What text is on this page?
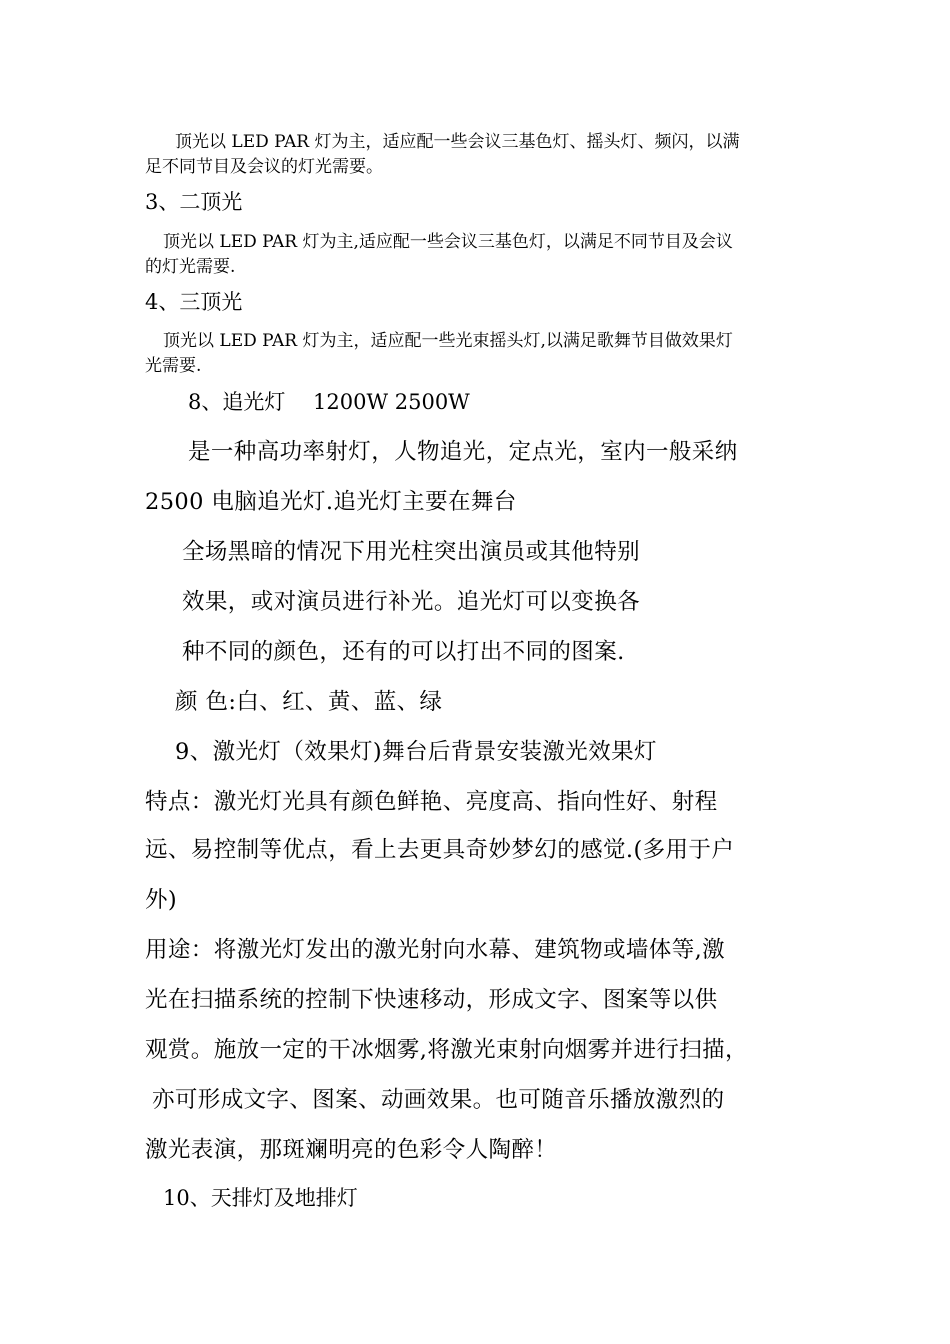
顶光以 LED PAR 灯为主，适应配一些会议三基色灯、摇头灯、频闪，以满
足不同节目及会议的灯光需要。
3、二顶光
顶光以 LED PAR 灯为主,适应配一些会议三基色灯，以满足不同节目及会议
的灯光需要.
4、三顶光
顶光以 LED PAR 灯为主，适应配一些光束摇头灯,以满足歌舞节目做效果灯
光需要.
8、追光灯　 1200W 2500W
是一种高功率射灯，人物追光，定点光，室内一般采纳
2500 电脑追光灯.追光灯主要在舞台
全场黑暗的情况下用光柱突出演员或其他特别
效果，或对演员进行补光。追光灯可以变换各
种不同的颜色，还有的可以打出不同的图案.
颜 色:白、红、黄、蓝、绿
9、激光灯（效果灯)舞台后背景安装激光效果灯
特点：激光灯光具有颜色鲜艳、亮度高、指向性好、射程
远、易控制等优点，看上去更具奇妙梦幻的感觉.(多用于户
外)
用途：将激光灯发出的激光射向水幕、建筑物或墙体等,激
光在扫描系统的控制下快速移动，形成文字、图案等以供
观赏。施放一定的干冰烟雾,将激光束射向烟雾并进行扫描，
亦可形成文字、图案、动画效果。也可随音乐播放激烈的
激光表演，那斑斓明亮的色彩令人陶醉！
10、天排灯及地排灯
